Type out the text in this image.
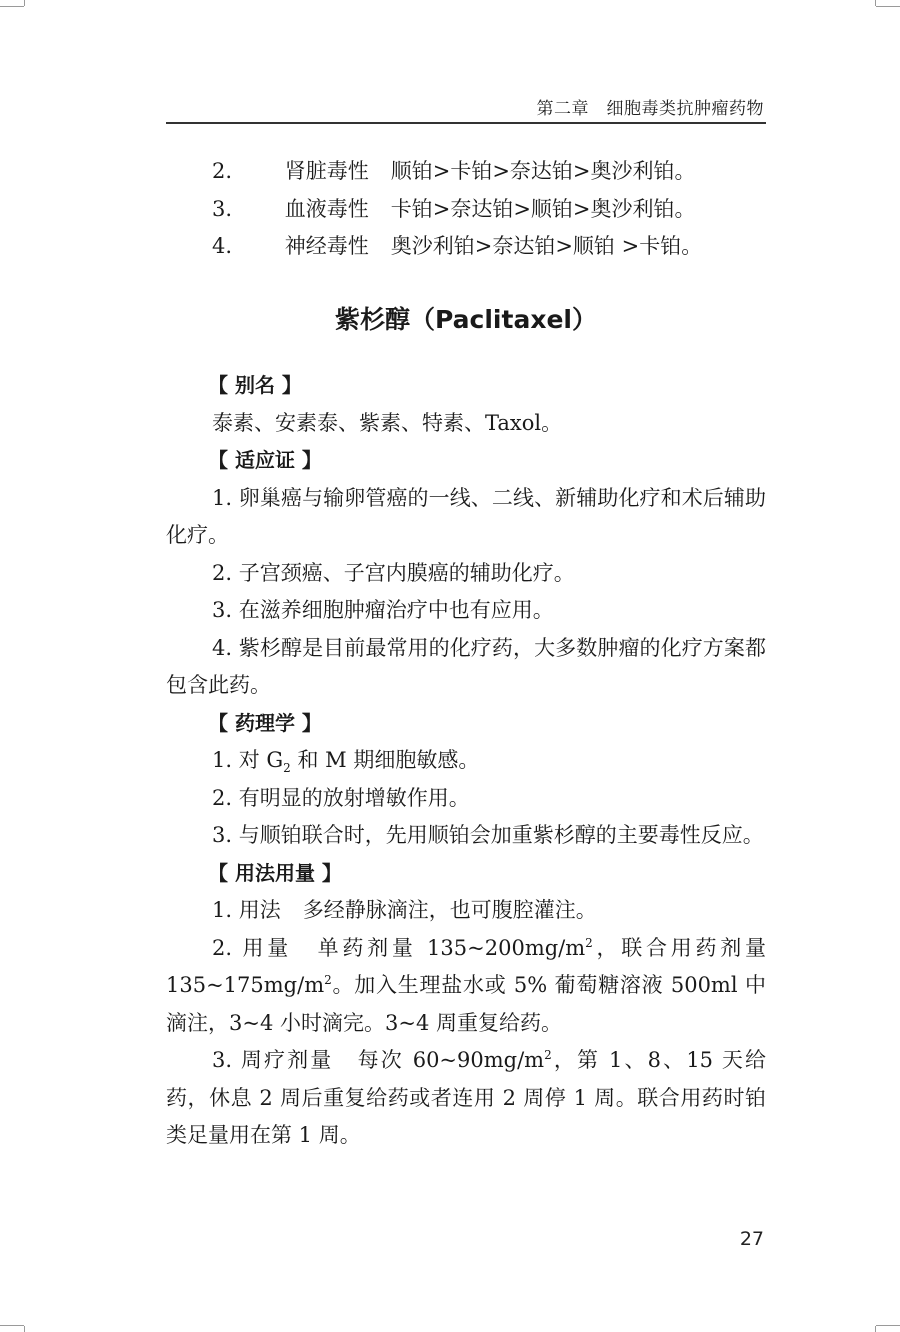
第二章　细胞毒类抗肿瘤药物

2.	肾脏毒性 顺铂>卡铂>奈达铂>奥沙利铂。

3.	血液毒性 卡铂>奈达铂>顺铂>奥沙利铂。

4.	神经毒性 奥沙利铂>奈达铂>顺铂 >卡铂。

紫杉醇（Paclitaxel）

【 别名 】

泰素、安素泰、紫素、特素、Taxol。

【 适应证 】

1. 卵巢癌与输卵管癌的一线、二线、新辅助化疗和术后辅助化疗。

2. 子宫颈癌、子宫内膜癌的辅助化疗。

3. 在滋养细胞肿瘤治疗中也有应用。

4. 紫杉醇是目前最常用的化疗药，大多数肿瘤的化疗方案都包含此药。

【 药理学 】

1. 对 $G_2$ 和 M 期细胞敏感。

2. 有明显的放射增敏作用。

3. 与顺铂联合时，先用顺铂会加重紫杉醇的主要毒性反应。

【 用法用量 】

1. 用法 多经静脉滴注，也可腹腔灌注。

2. 用量 单药剂量 $135\sim 200mg/m^2$，联合用药剂量 $135\sim 175mg/m^2$。加入生理盐水或 5% 葡萄糖溶液 500ml 中滴注，3~4 小时滴完。3~4 周重复给药。

3. 周疗剂量 每次 $60\sim 90mg/m^2$，第 1、8、15 天给药，休息 2 周后重复给药或者连用 2 周停 1 周。联合用药时铂类足量用在第 1 周。

27
